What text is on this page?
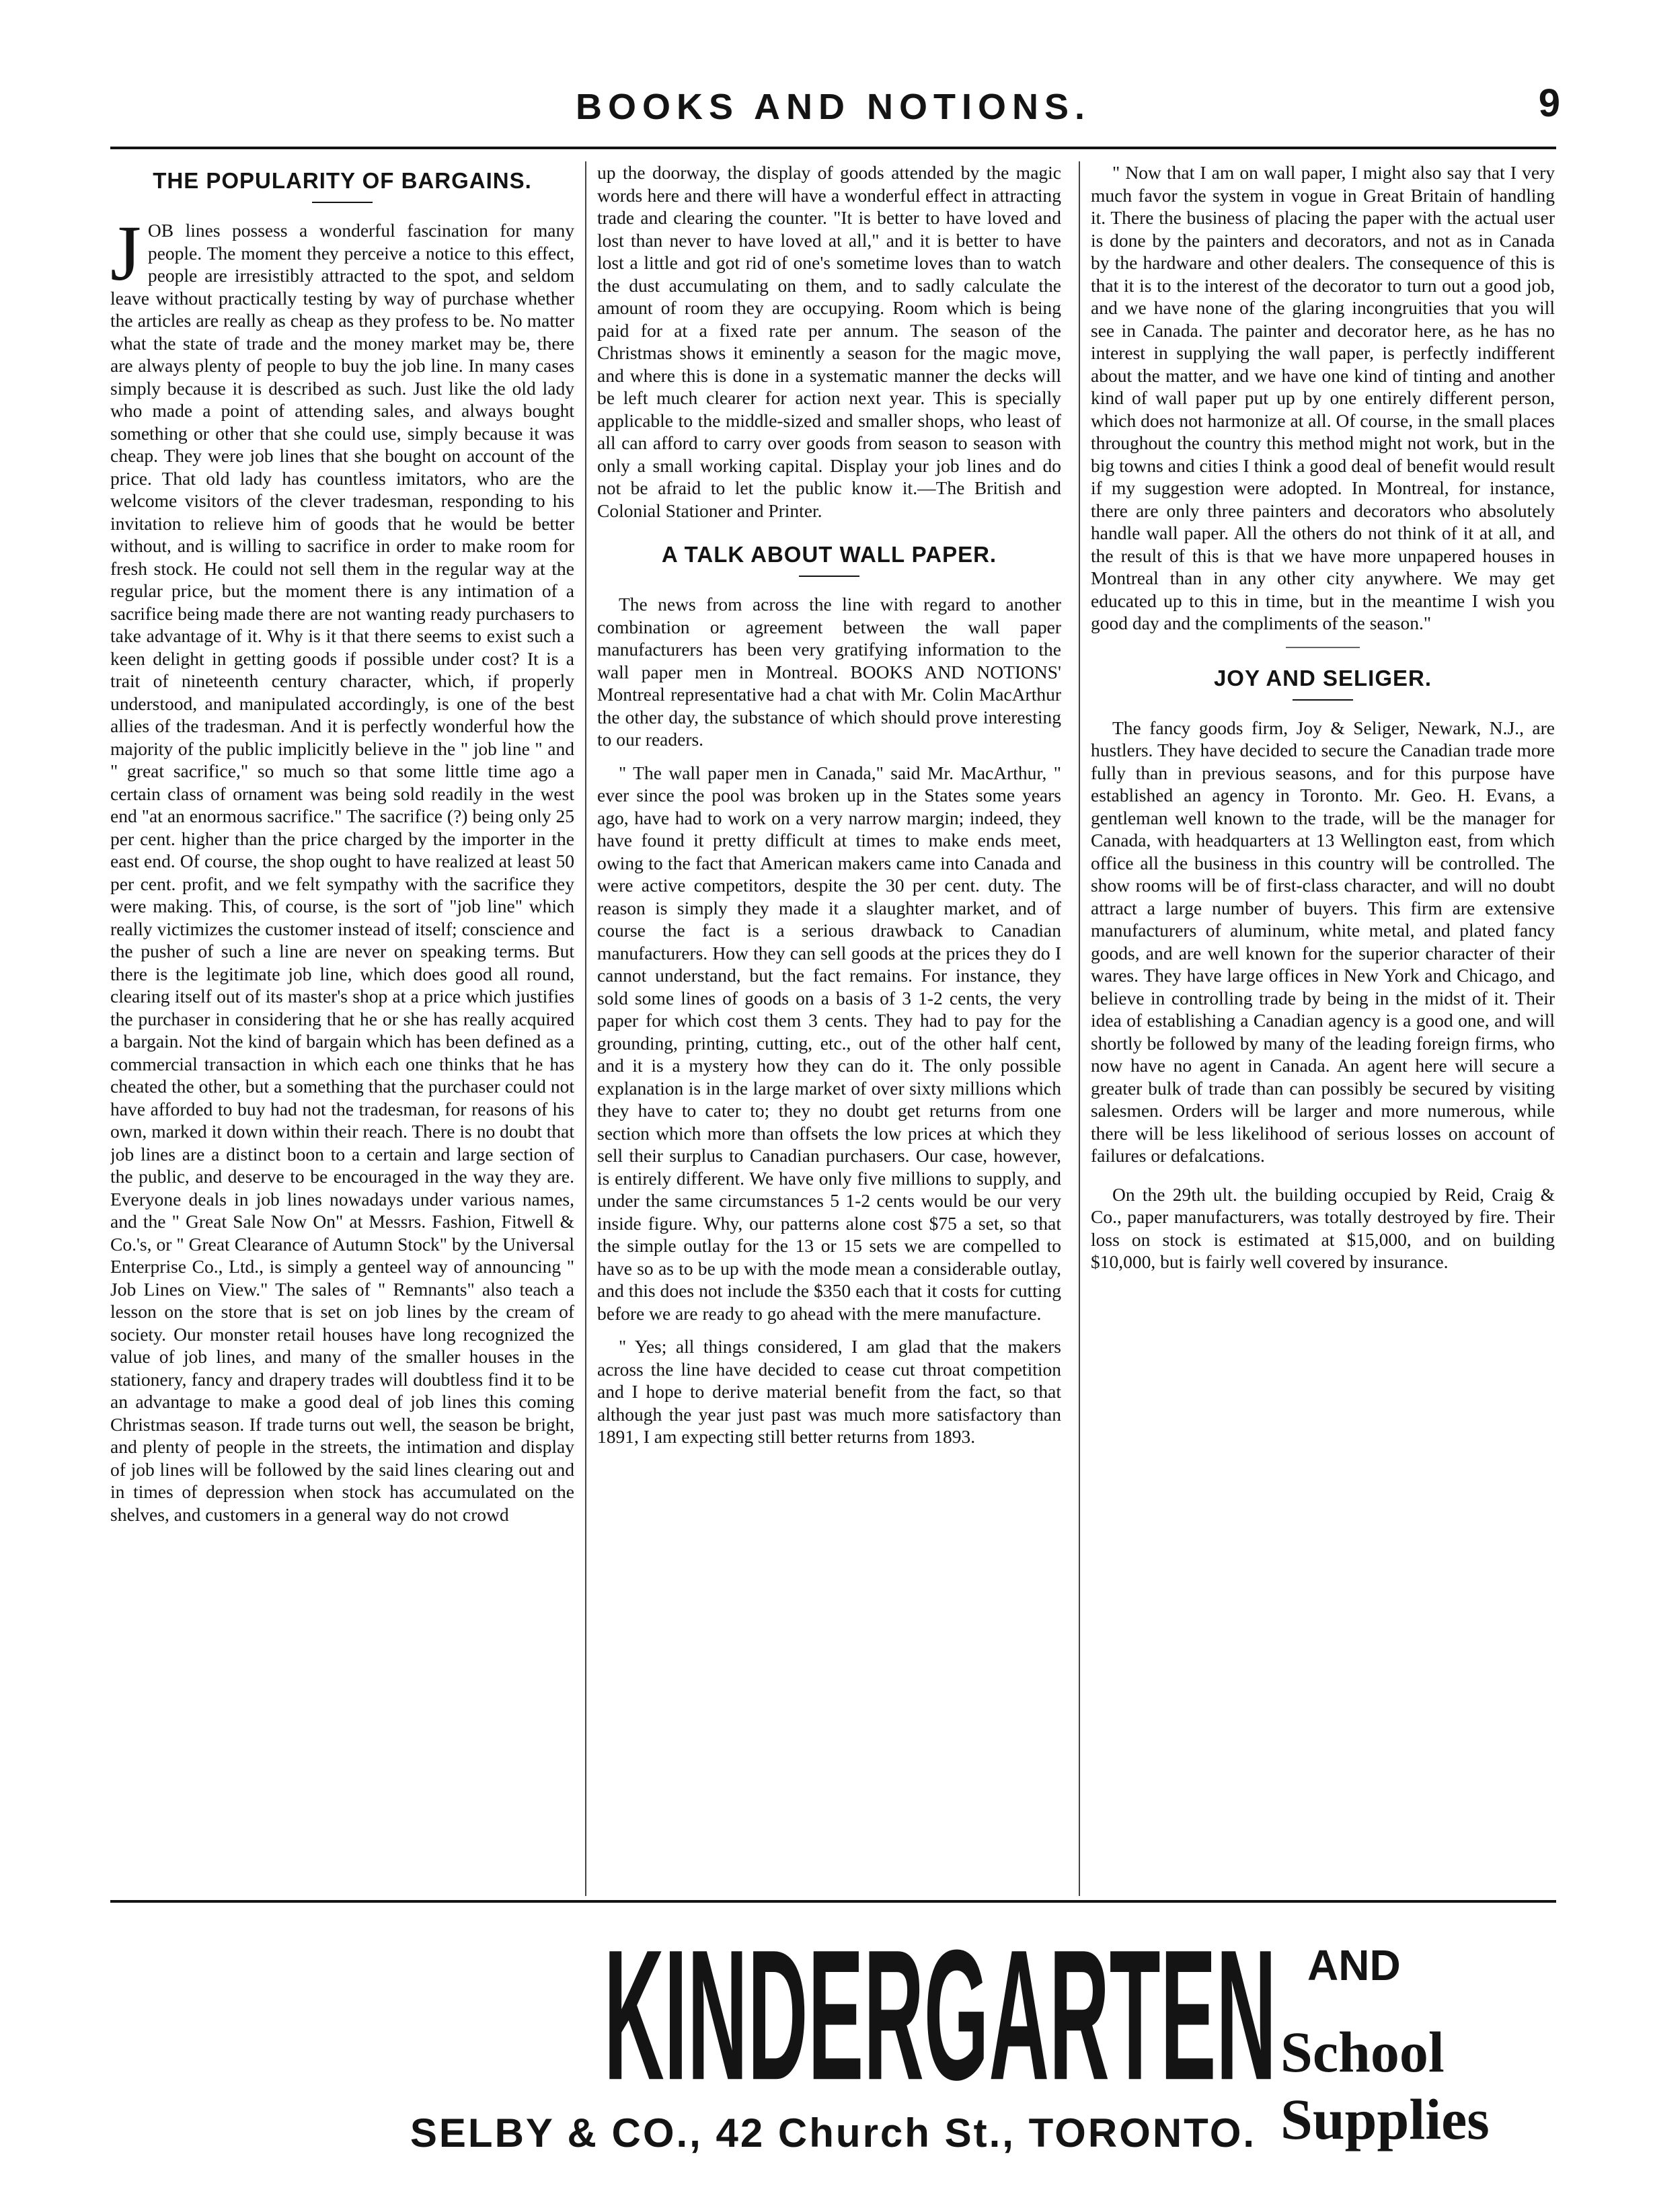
BOOKS AND NOTIONS.	9
THE POPULARITY OF BARGAINS.

JOB lines possess a wonderful fascination for many people. The moment they perceive a notice to this effect, people are irresistibly attracted to the spot, and seldom leave without practically testing by way of purchase whether the articles are really as cheap as they profess to be. No matter what the state of trade and the money market may be, there are always plenty of people to buy the job line. In many cases simply because it is described as such. Just like the old lady who made a point of attending sales, and always bought something or other that she could use, simply because it was cheap. They were job lines that she bought on account of the price. That old lady has countless imitators, who are the welcome visitors of the clever tradesman, responding to his invitation to relieve him of goods that he would be better without, and is willing to sacrifice in order to make room for fresh stock. He could not sell them in the regular way at the regular price, but the moment there is any intimation of a sacrifice being made there are not wanting ready purchasers to take advantage of it. Why is it that there seems to exist such a keen delight in getting goods if possible under cost? It is a trait of nineteenth century character, which, if properly understood, and manipulated accordingly, is one of the best allies of the tradesman. And it is perfectly wonderful how the majority of the public implicitly believe in the " job line " and " great sacrifice," so much so that some little time ago a certain class of ornament was being sold readily in the west end "at an enormous sacrifice." The sacrifice (?) being only 25 per cent. higher than the price charged by the importer in the east end. Of course, the shop ought to have realized at least 50 per cent. profit, and we felt sympathy with the sacrifice they were making. This, of course, is the sort of "job line" which really victimizes the customer instead of itself; conscience and the pusher of such a line are never on speaking terms. But there is the legitimate job line, which does good all round, clearing itself out of its master's shop at a price which justifies the purchaser in considering that he or she has really acquired a bargain. Not the kind of bargain which has been defined as a commercial transaction in which each one thinks that he has cheated the other, but a something that the purchaser could not have afforded to buy had not the tradesman, for reasons of his own, marked it down within their reach. There is no doubt that job lines are a distinct boon to a certain and large section of the public, and deserve to be encouraged in the way they are. Everyone deals in job lines nowadays under various names, and the " Great Sale Now On" at Messrs. Fashion, Fitwell & Co.'s, or " Great Clearance of Autumn Stock" by the Universal Enterprise Co., Ltd., is simply a genteel way of announcing " Job Lines on View." The sales of " Remnants" also teach a lesson on the store that is set on job lines by the cream of society. Our monster retail houses have long recognized the value of job lines, and many of the smaller houses in the stationery, fancy and drapery trades will doubtless find it to be an advantage to make a good deal of job lines this coming Christmas season. If trade turns out well, the season be bright, and plenty of people in the streets, the intimation and display of job lines will be followed by the said lines clearing out and in times of depression when stock has accumulated on the shelves, and customers in a general way do not crowd

up the doorway, the display of goods attended by the magic words here and there will have a wonderful effect in attracting trade and clearing the counter. "It is better to have loved and lost than never to have loved at all," and it is better to have lost a little and got rid of one's sometime loves than to watch the dust accumulating on them, and to sadly calculate the amount of room they are occupying. Room which is being paid for at a fixed rate per annum. The season of the Christmas shows it eminently a season for the magic move, and where this is done in a systematic manner the decks will be left much clearer for action next year. This is specially applicable to the middle-sized and smaller shops, who least of all can afford to carry over goods from season to season with only a small working capital. Display your job lines and do not be afraid to let the public know it.—The British and Colonial Stationer and Printer.

A TALK ABOUT WALL PAPER.

The news from across the line with regard to another combination or agreement between the wall paper manufacturers has been very gratifying information to the wall paper men in Montreal. BOOKS AND NOTIONS' Montreal representative had a chat with Mr. Colin MacArthur the other day, the substance of which should prove interesting to our readers.

" The wall paper men in Canada," said Mr. MacArthur, " ever since the pool was broken up in the States some years ago, have had to work on a very narrow margin; indeed, they have found it pretty difficult at times to make ends meet, owing to the fact that American makers came into Canada and were active competitors, despite the 30 per cent. duty. The reason is simply they made it a slaughter market, and of course the fact is a serious drawback to Canadian manufacturers. How they can sell goods at the prices they do I cannot understand, but the fact remains. For instance, they sold some lines of goods on a basis of 3 1-2 cents, the very paper for which cost them 3 cents. They had to pay for the grounding, printing, cutting, etc., out of the other half cent, and it is a mystery how they can do it. The only possible explanation is in the large market of over sixty millions which they have to cater to; they no doubt get returns from one section which more than offsets the low prices at which they sell their surplus to Canadian purchasers. Our case, however, is entirely different. We have only five millions to supply, and under the same circumstances 5 1-2 cents would be our very inside figure. Why, our patterns alone cost $75 a set, so that the simple outlay for the 13 or 15 sets we are compelled to have so as to be up with the mode mean a considerable outlay, and this does not include the $350 each that it costs for cutting before we are ready to go ahead with the mere manufacture.

" Yes; all things considered, I am glad that the makers across the line have decided to cease cut throat competition and I hope to derive material benefit from the fact, so that although the year just past was much more satisfactory than 1891, I am expecting still better returns from 1893.

" Now that I am on wall paper, I might also say that I very much favor the system in vogue in Great Britain of handling it. There the business of placing the paper with the actual user is done by the painters and decorators, and not as in Canada by the hardware and other dealers. The consequence of this is that it is to the interest of the decorator to turn out a good job, and we have none of the glaring incongruities that you will see in Canada. The painter and decorator here, as he has no interest in supplying the wall paper, is perfectly indifferent about the matter, and we have one kind of tinting and another kind of wall paper put up by one entirely different person, which does not harmonize at all. Of course, in the small places throughout the country this method might not work, but in the big towns and cities I think a good deal of benefit would result if my suggestion were adopted. In Montreal, for instance, there are only three painters and decorators who absolutely handle wall paper. All the others do not think of it at all, and the result of this is that we have more unpapered houses in Montreal than in any other city anywhere. We may get educated up to this in time, but in the meantime I wish you good day and the compliments of the season."

JOY AND SELIGER.

The fancy goods firm, Joy & Seliger, Newark, N.J., are hustlers. They have decided to secure the Canadian trade more fully than in previous seasons, and for this purpose have established an agency in Toronto. Mr. Geo. H. Evans, a gentleman well known to the trade, will be the manager for Canada, with headquarters at 13 Wellington east, from which office all the business in this country will be controlled. The show rooms will be of first-class character, and will no doubt attract a large number of buyers. This firm are extensive manufacturers of aluminum, white metal, and plated fancy goods, and are well known for the superior character of their wares. They have large offices in New York and Chicago, and believe in controlling trade by being in the midst of it. Their idea of establishing a Canadian agency is a good one, and will shortly be followed by many of the leading foreign firms, who now have no agent in Canada. An agent here will secure a greater bulk of trade than can possibly be secured by visiting salesmen. Orders will be larger and more numerous, while there will be less likelihood of serious losses on account of failures or defalcations.

On the 29th ult. the building occupied by Reid, Craig & Co., paper manufacturers, was totally destroyed by fire. Their loss on stock is estimated at $15,000, and on building $10,000, but is fairly well covered by insurance.

KINDERGARTEN AND
School Supplies
SELBY & CO., 42 Church St., TORONTO.
